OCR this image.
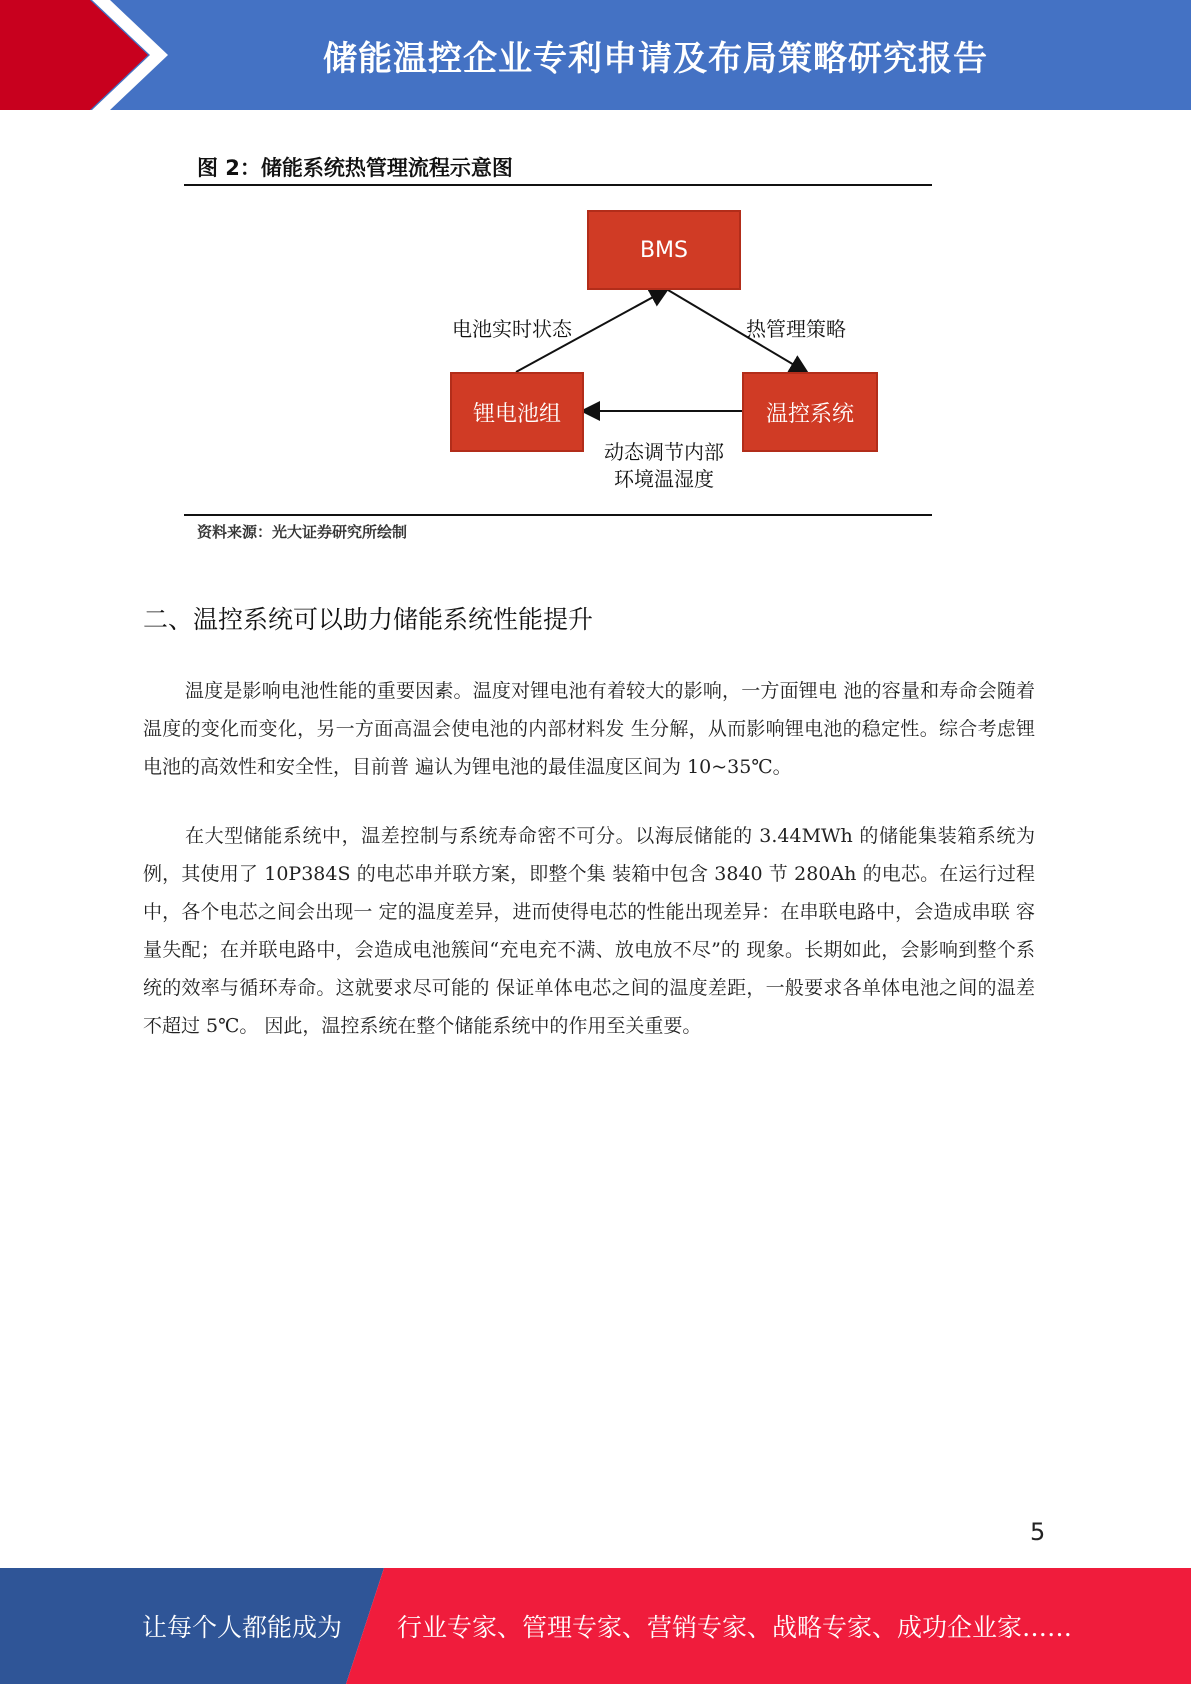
储能温控企业专利申请及布局策略研究报告
图 2：储能系统热管理流程示意图
BMS
锂电池组	温控系统
电池实时状态	热管理策略
动态调节内部
环境温湿度
资料来源：光大证券研究所绘制
二、温控系统可以助力储能系统性能提升
温度是影响电池性能的重要因素。温度对锂电池有着较大的影响，一方面锂电 池的容量和寿命会随着温度的变化而变化，另一方面高温会使电池的内部材料发 生分解，从而影响锂电池的稳定性。综合考虑锂电池的高效性和安全性，目前普 遍认为锂电池的最佳温度区间为 10~35℃。
在大型储能系统中，温差控制与系统寿命密不可分。以海辰储能的 3.44MWh 的储能集装箱系统为例，其使用了 10P384S 的电芯串并联方案，即整个集 装箱中包含 3840 节 280Ah 的电芯。在运行过程中，各个电芯之间会出现一 定的温度差异，进而使得电芯的性能出现差异：在串联电路中，会造成串联 容量失配；在并联电路中，会造成电池簇间“充电充不满、放电放不尽”的 现象。长期如此，会影响到整个系统的效率与循环寿命。这就要求尽可能的 保证单体电芯之间的温度差距，一般要求各单体电池之间的温差不超过 5℃。 因此，温控系统在整个储能系统中的作用至关重要。
5
让每个人都能成为 行业专家、管理专家、营销专家、战略专家、成功企业家……
